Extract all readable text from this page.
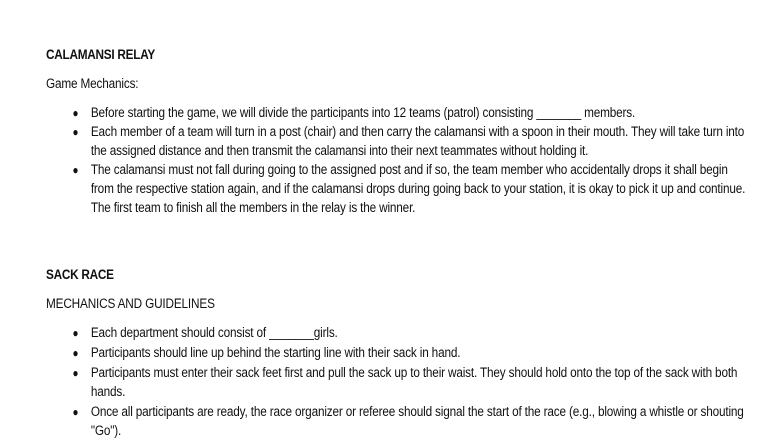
CALAMANSI RELAY

Game Mechanics:

● Before starting the game, we will divide the participants into 12 teams (patrol) consisting _______ members.
● Each member of a team will turn in a post (chair) and then carry the calamansi with a spoon in their mouth. They will take turn into the assigned distance and then transmit the calamansi into their next teammates without holding it.
● The calamansi must not fall during going to the assigned post and if so, the team member who accidentally drops it shall begin from the respective station again, and if the calamansi drops during going back to your station, it is okay to pick it up and continue. The first team to finish all the members in the relay is the winner.

SACK RACE

MECHANICS AND GUIDELINES

● Each department should consist of _______girls.
● Participants should line up behind the starting line with their sack in hand.
● Participants must enter their sack feet first and pull the sack up to their waist. They should hold onto the top of the sack with both hands.
● Once all participants are ready, the race organizer or referee should signal the start of the race (e.g., blowing a whistle or shouting "Go").
